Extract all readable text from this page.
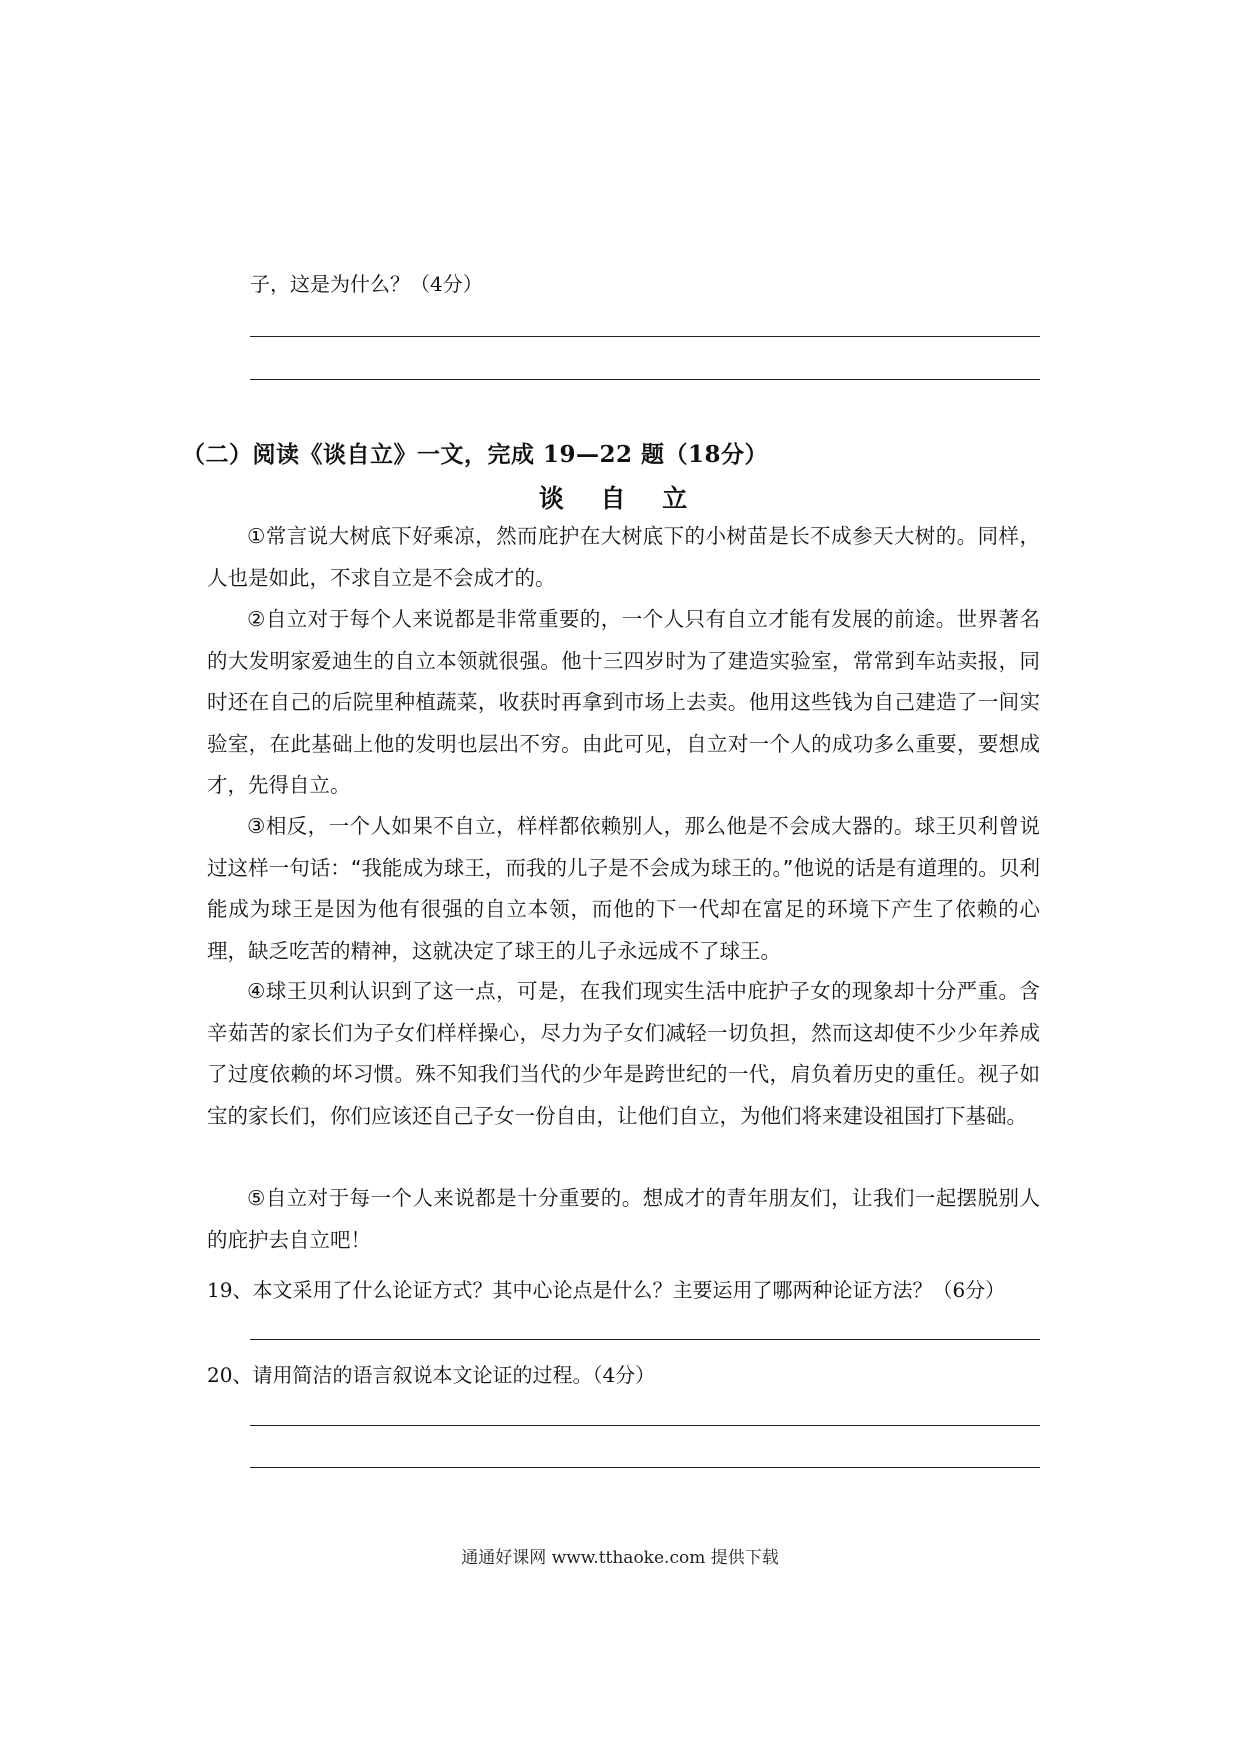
子，这是为什么？（4分）
（二）阅读《谈自立》一文，完成 19—22 题（18分）
谈 自 立
①常言说大树底下好乘凉，然而庇护在大树底下的小树苗是长不成参天大树的。同样，人也是如此，不求自立是不会成才的。
②自立对于每个人来说都是非常重要的，一个人只有自立才能有发展的前途。世界著名的大发明家爱迪生的自立本领就很强。他十三四岁时为了建造实验室，常常到车站卖报，同时还在自己的后院里种植蔬菜，收获时再拿到市场上去卖。他用这些钱为自己建造了一间实验室，在此基础上他的发明也层出不穷。由此可见，自立对一个人的成功多么重要，要想成才，先得自立。
③相反，一个人如果不自立，样样都依赖别人，那么他是不会成大器的。球王贝利曾说过这样一句话：“我能成为球王，而我的儿子是不会成为球王的。”他说的话是有道理的。贝利能成为球王是因为他有很强的自立本领，而他的下一代却在富足的环境下产生了依赖的心理，缺乏吃苦的精神，这就决定了球王的儿子永远成不了球王。
④球王贝利认识到了这一点，可是，在我们现实生活中庇护子女的现象却十分严重。含辛茹苦的家长们为子女们样样操心，尽力为子女们减轻一切负担，然而这却使不少少年养成了过度依赖的坏习惯。殊不知我们当代的少年是跨世纪的一代，肩负着历史的重任。视子如宝的家长们，你们应该还自己子女一份自由，让他们自立，为他们将来建设祖国打下基础。
⑤自立对于每一个人来说都是十分重要的。想成才的青年朋友们，让我们一起摆脱别人的庇护去自立吧！
19、本文采用了什么论证方式？其中心论点是什么？主要运用了哪两种论证方法？（6分）
20、请用简洁的语言叙说本文论证的过程。（4分）
通通好课网 www.tthaoke.com 提供下载
